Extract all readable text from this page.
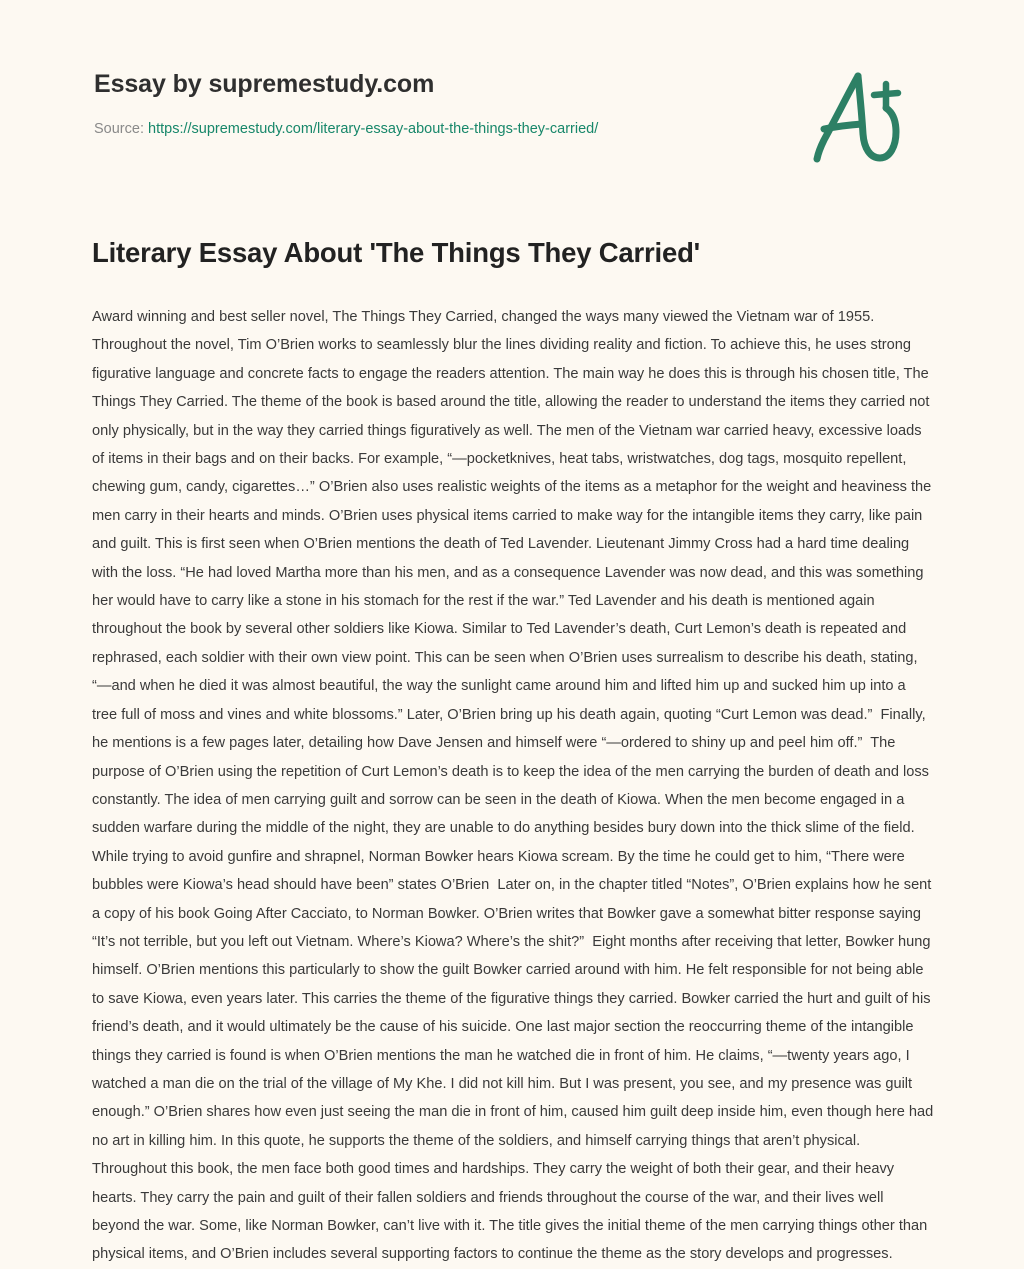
Essay by supremestudy.com
Source: https://supremestudy.com/literary-essay-about-the-things-they-carried/
Literary Essay About 'The Things They Carried'

Award winning and best seller novel, The Things They Carried, changed the ways many viewed the Vietnam war of 1955. Throughout the novel, Tim O’Brien works to seamlessly blur the lines dividing reality and fiction. To achieve this, he uses strong figurative language and concrete facts to engage the readers attention. The main way he does this is through his chosen title, The Things They Carried. The theme of the book is based around the title, allowing the reader to understand the items they carried not only physically, but in the way they carried things figuratively as well. The men of the Vietnam war carried heavy, excessive loads of items in their bags and on their backs. For example, “—pocketknives, heat tabs, wristwatches, dog tags, mosquito repellent, chewing gum, candy, cigarettes…” O’Brien also uses realistic weights of the items as a metaphor for the weight and heaviness the men carry in their hearts and minds. O’Brien uses physical items carried to make way for the intangible items they carry, like pain and guilt. This is first seen when O’Brien mentions the death of Ted Lavender. Lieutenant Jimmy Cross had a hard time dealing with the loss. “He had loved Martha more than his men, and as a consequence Lavender was now dead, and this was something her would have to carry like a stone in his stomach for the rest if the war.” Ted Lavender and his death is mentioned again throughout the book by several other soldiers like Kiowa. Similar to Ted Lavender’s death, Curt Lemon’s death is repeated and rephrased, each soldier with their own view point. This can be seen when O’Brien uses surrealism to describe his death, stating, “—and when he died it was almost beautiful, the way the sunlight came around him and lifted him up and sucked him up into a tree full of moss and vines and white blossoms.” Later, O’Brien bring up his death again, quoting “Curt Lemon was dead.”  Finally, he mentions is a few pages later, detailing how Dave Jensen and himself were “—ordered to shiny up and peel him off.”  The purpose of O’Brien using the repetition of Curt Lemon’s death is to keep the idea of the men carrying the burden of death and loss constantly. The idea of men carrying guilt and sorrow can be seen in the death of Kiowa. When the men become engaged in a sudden warfare during the middle of the night, they are unable to do anything besides bury down into the thick slime of the field. While trying to avoid gunfire and shrapnel, Norman Bowker hears Kiowa scream. By the time he could get to him, “There were bubbles were Kiowa’s head should have been” states O’Brien  Later on, in the chapter titled “Notes”, O’Brien explains how he sent a copy of his book Going After Cacciato, to Norman Bowker. O’Brien writes that Bowker gave a somewhat bitter response saying “It’s not terrible, but you left out Vietnam. Where’s Kiowa? Where’s the shit?”  Eight months after receiving that letter, Bowker hung himself. O’Brien mentions this particularly to show the guilt Bowker carried around with him. He felt responsible for not being able to save Kiowa, even years later. This carries the theme of the figurative things they carried. Bowker carried the hurt and guilt of his friend’s death, and it would ultimately be the cause of his suicide. One last major section the reoccurring theme of the intangible things they carried is found is when O’Brien mentions the man he watched die in front of him. He claims, “—twenty years ago, I watched a man die on the trial of the village of My Khe. I did not kill him. But I was present, you see, and my presence was guilt enough.” O’Brien shares how even just seeing the man die in front of him, caused him guilt deep inside him, even though here had no art in killing him. In this quote, he supports the theme of the soldiers, and himself carrying things that aren’t physical. Throughout this book, the men face both good times and hardships. They carry the weight of both their gear, and their heavy hearts. They carry the pain and guilt of their fallen soldiers and friends throughout the course of the war, and their lives well beyond the war. Some, like Norman Bowker, can’t live with it. The title gives the initial theme of the men carrying things other than physical items, and O’Brien includes several supporting factors to continue the theme as the story develops and progresses.
